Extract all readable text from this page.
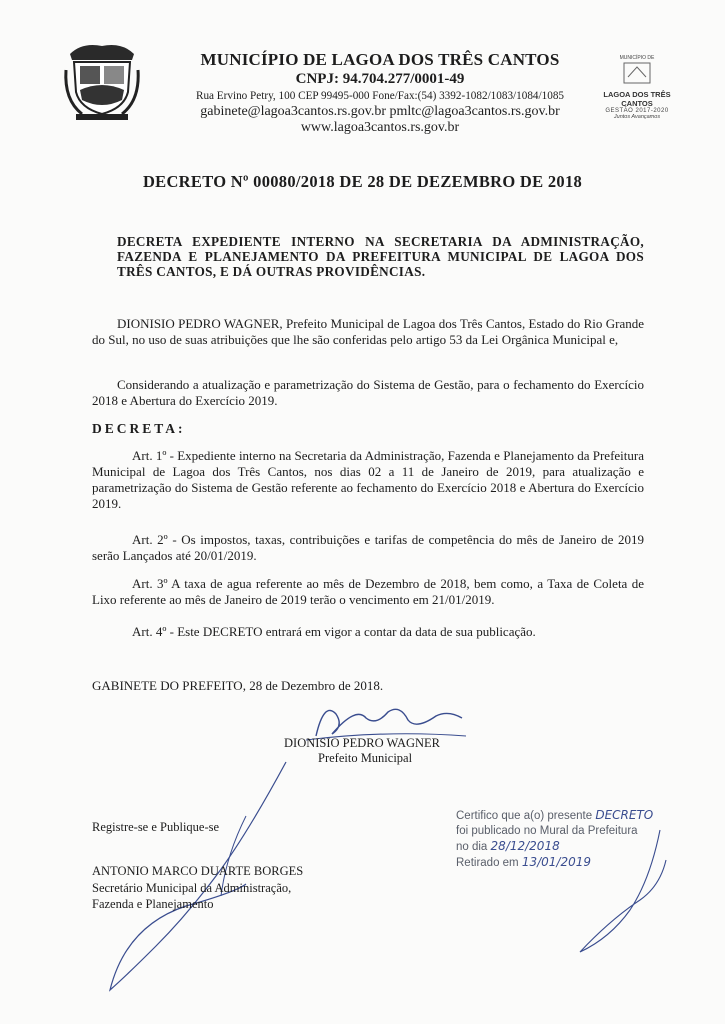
MUNICÍPIO DE LAGOA DOS TRÊS CANTOS
CNPJ: 94.704.277/0001-49
Rua Ervino Petry, 100 CEP 99495-000 Fone/Fax:(54) 3392-1082/1083/1084/1085
gabinete@lagoa3cantos.rs.gov.br pmltc@lagoa3cantos.rs.gov.br
www.lagoa3cantos.rs.gov.br
MUNICÍPIO DE
LAGOA DOS TRÊS CANTOS
GESTÃO 2017-2020
Juntos Avançamos
DECRETO Nº 00080/2018 DE 28 DE DEZEMBRO DE 2018
DECRETA EXPEDIENTE INTERNO NA SECRETARIA DA ADMINISTRAÇÃO, FAZENDA E PLANEJAMENTO DA PREFEITURA MUNICIPAL DE LAGOA DOS TRÊS CANTOS, E DÁ OUTRAS PROVIDÊNCIAS.
DIONISIO PEDRO WAGNER, Prefeito Municipal de Lagoa dos Três Cantos, Estado do Rio Grande do Sul, no uso de suas atribuições que lhe são conferidas pelo artigo 53 da Lei Orgânica Municipal e,
Considerando a atualização e parametrização do Sistema de Gestão, para o fechamento do Exercício 2018 e Abertura do Exercício 2019.
DECRETA:
Art. 1º - Expediente interno na Secretaria da Administração, Fazenda e Planejamento da Prefeitura Municipal de Lagoa dos Três Cantos, nos dias 02 a 11 de Janeiro de 2019, para atualização e parametrização do Sistema de Gestão referente ao fechamento do Exercício 2018 e Abertura do Exercício 2019.
Art. 2º - Os impostos, taxas, contribuições e tarifas de competência do mês de Janeiro de 2019 serão Lançados até 20/01/2019.
Art. 3º A taxa de agua referente ao mês de Dezembro de 2018, bem como, a Taxa de Coleta de Lixo referente ao mês de Janeiro de 2019 terão o vencimento em 21/01/2019.
Art. 4º - Este DECRETO entrará em vigor a contar da data de sua publicação.
GABINETE DO PREFEITO, 28 de Dezembro de 2018.
DIONISIO PEDRO WAGNER
Prefeito Municipal
Registre-se e Publique-se
ANTONIO MARCO DUARTE BORGES
Secretário Municipal da Administração,
Fazenda e Planejamento
Certifico que a(o) presente DECRETO
foi publicado no Mural da Prefeitura
no dia 28/12/2018
Retirado em 13/01/2019
